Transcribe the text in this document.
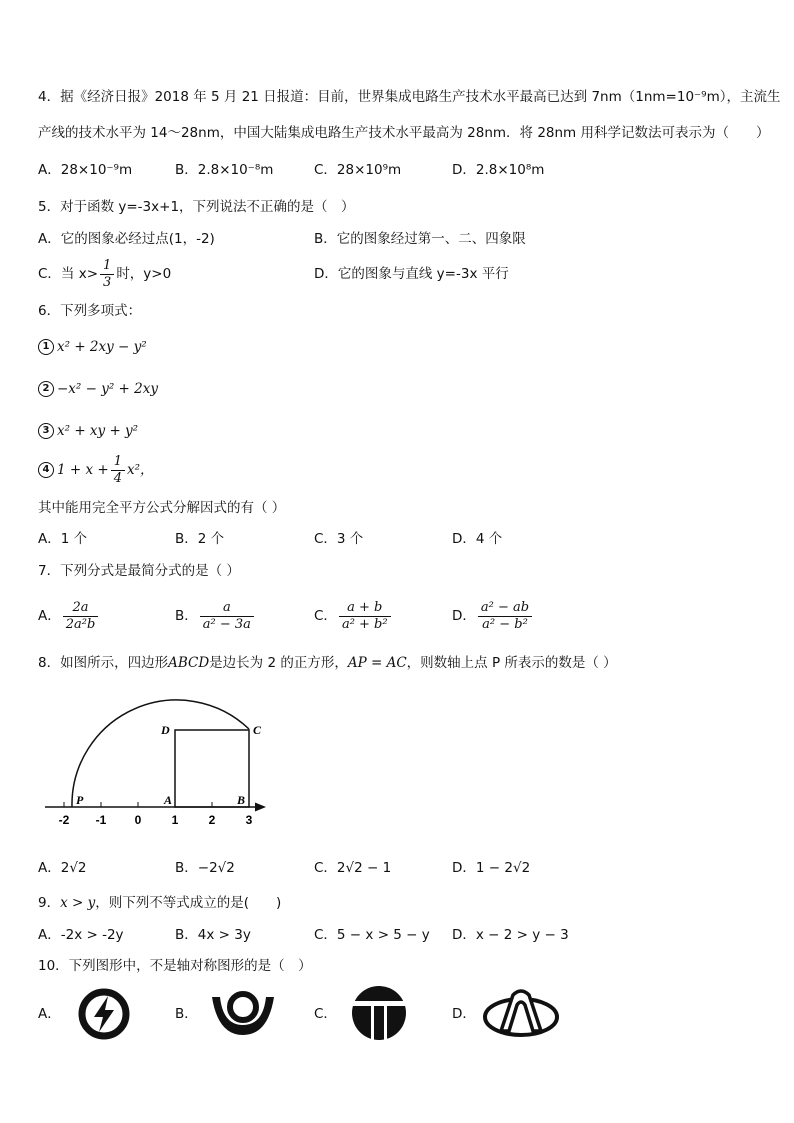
4．据《经济日报》2018 年 5 月 21 日报道：目前，世界集成电路生产技术水平最高已达到 7nm（1nm=10⁻⁹m），主流生
产线的技术水平为 14～28nm，中国大陆集成电路生产技术水平最高为 28nm．将 28nm 用科学记数法可表示为（　　）
A．28×10⁻⁹m	B．2.8×10⁻⁸m	C．28×10⁹m	D．2.8×10⁸m
5．对于函数 y=-3x+1，下列说法不正确的是（　）
A．它的图象必经过点(1，-2)	B．它的图象经过第一、二、四象限
C．当 $x> \frac{1}{3}$ 时，y>0	D．它的图象与直线 y=-3x 平行
6．下列多项式：
1 x² + 2xy − y²
2 −x² − y² + 2xy
3 x² + xy + y²
4 $1 + x + \frac{1}{4} x^2$，
其中能用完全平方公式分解因式的有（ ）
A．1 个	B．2 个	C．3 个	D．4 个
7．下列分式是最简分式的是（ ）
A． $\frac{2a}{\text{2a²b}}$	B． $\frac{a}{\text{a² − 3a}}$	C． $\frac{a + b}{\text{a² + b²}}$	D． $\frac{\text{a² − ab}}{\text{a² − b²}}$
8．如图所示，四边形ABCD是边长为 2 的正方形，AP = AC，则数轴上点 P 所表示的数是（ ）
D	C
P	A	B
-2 -1 0	1	2	3
A．2√2	B．−2√2	C．2√2 − 1	D．1 − 2√2
9．x > y，则下列不等式成立的是(　　)
A．-2x > -2y	B．4x > 3y	C．5 − x > 5 − y D．x − 2 > y − 3
10．下列图形中，不是轴对称图形的是（　）
A．	B．	C．	D．
